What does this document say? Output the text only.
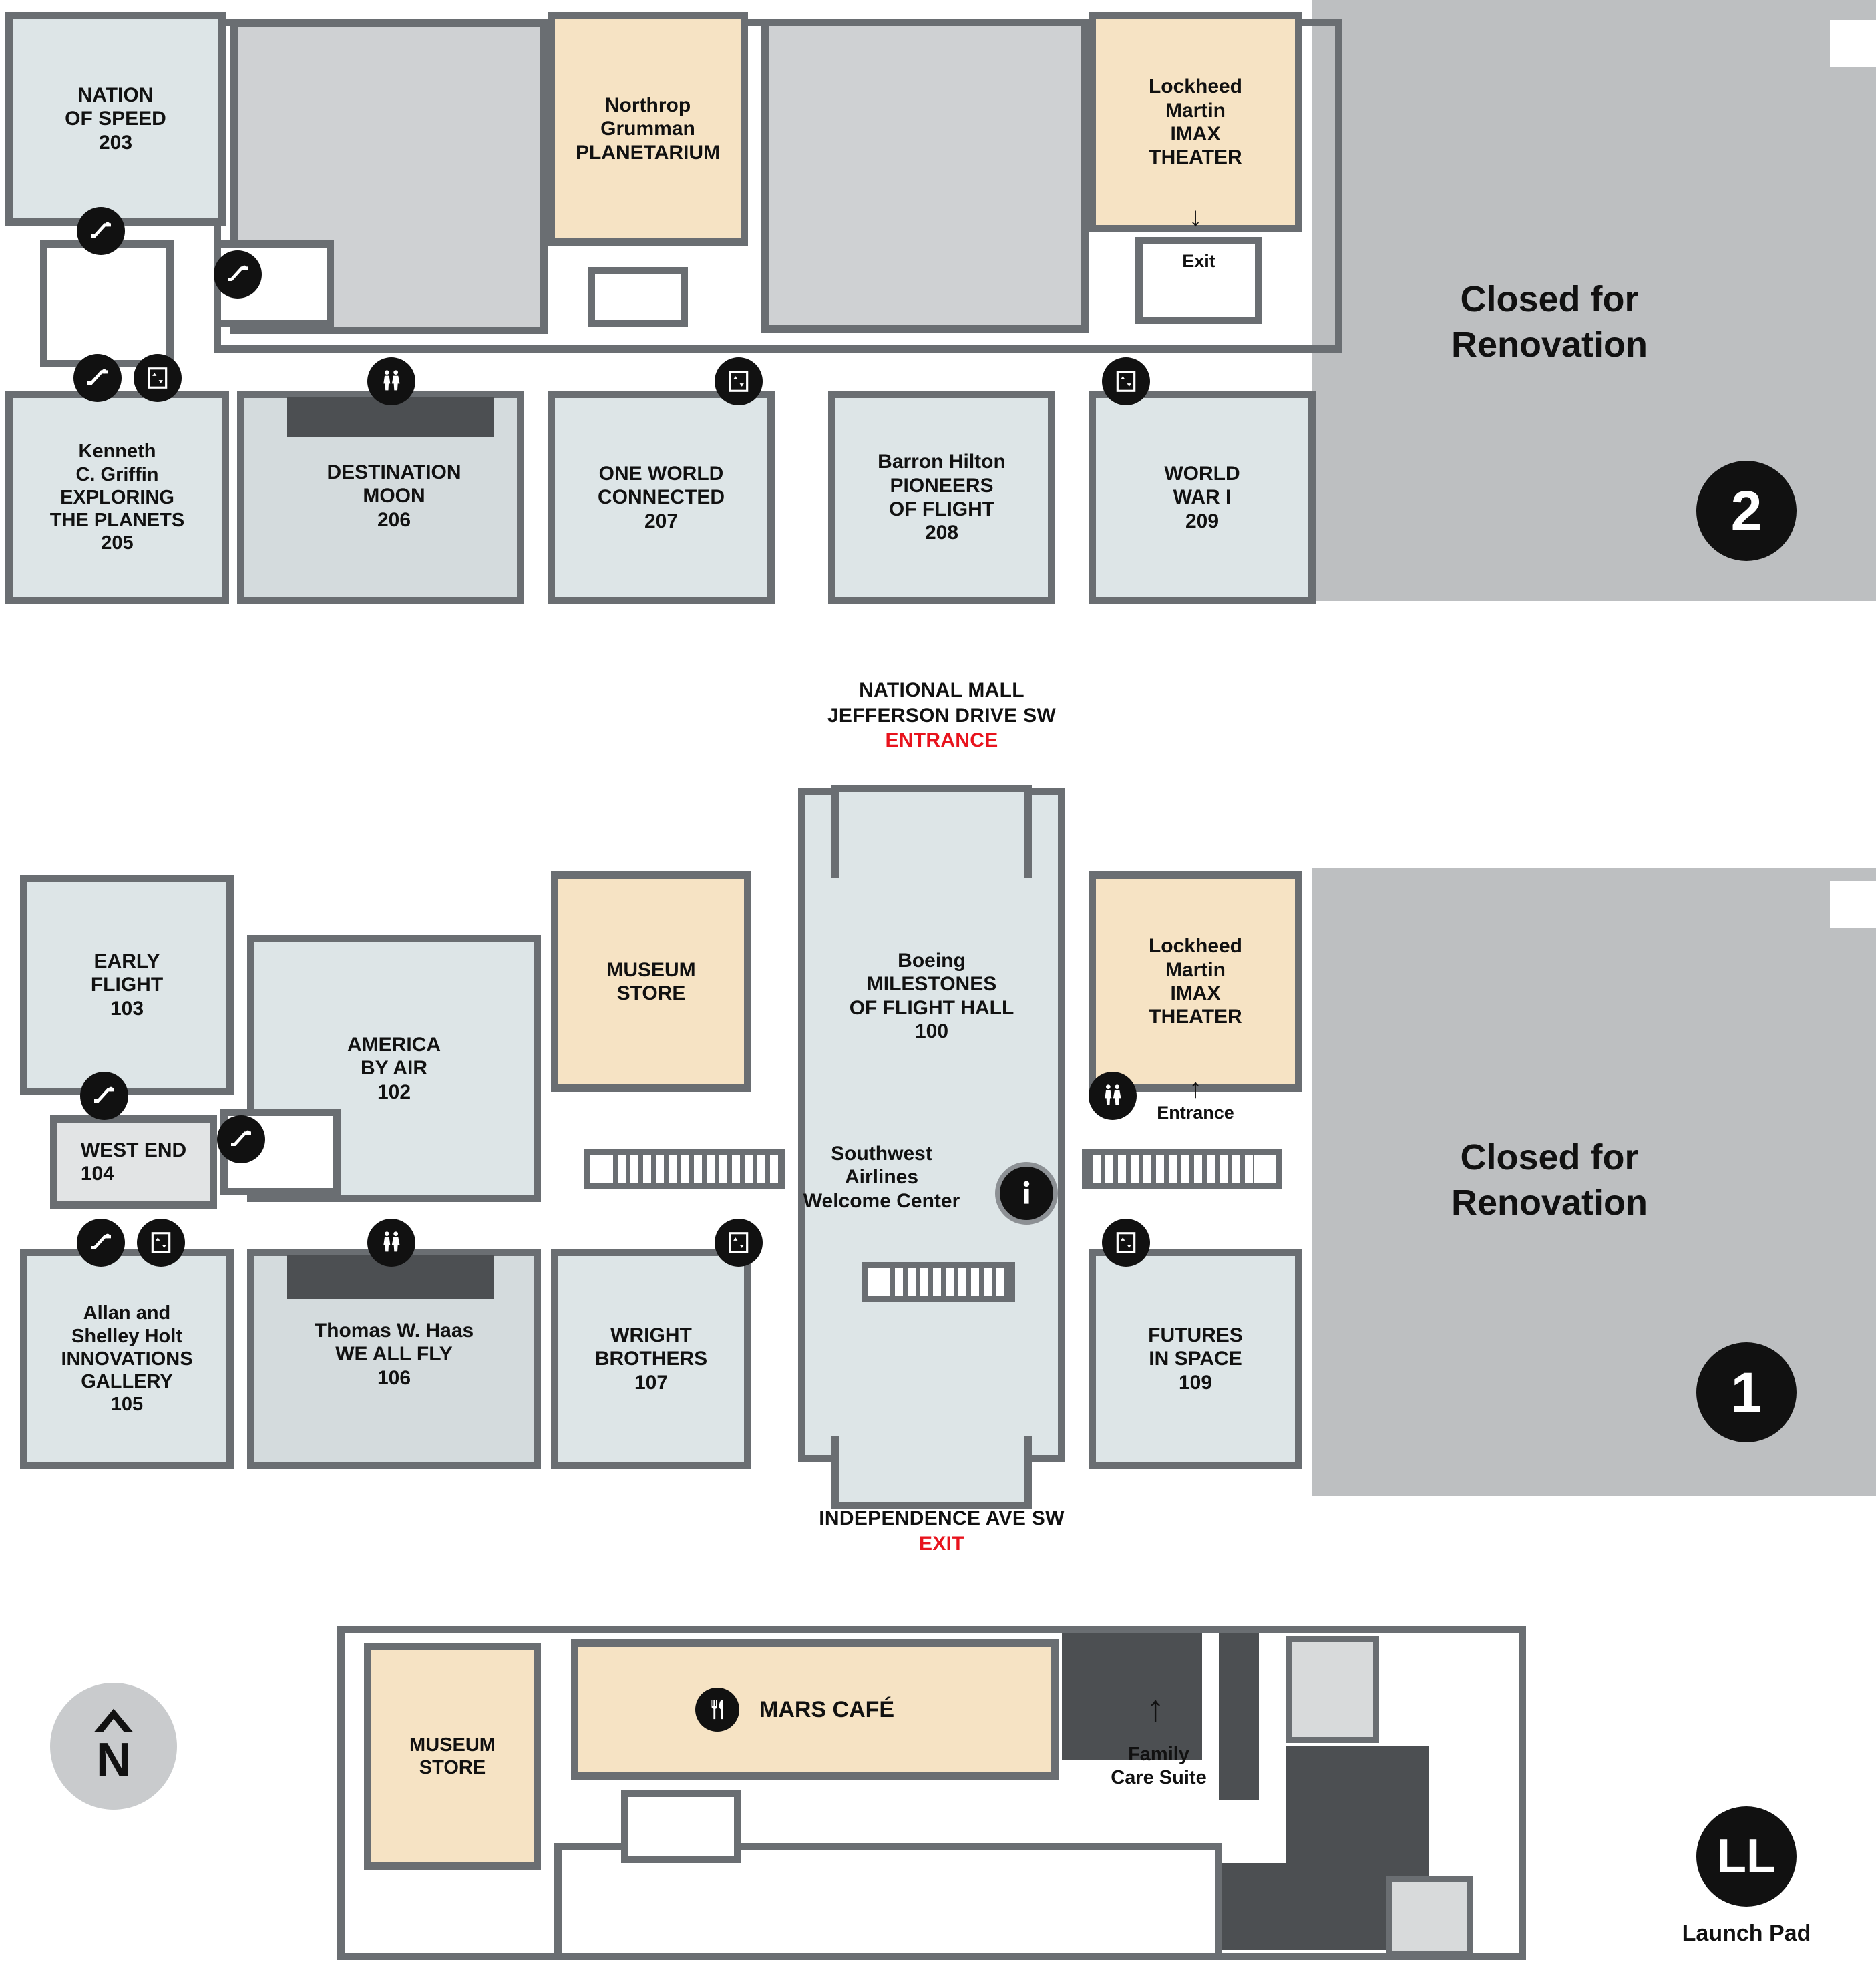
Closed for
Renovation
2
NATION
OF SPEED
203
Northrop
Grumman
PLANETARIUM
Lockheed
Martin
IMAX
THEATER
↓
Exit
Kenneth
C. Griffin
EXPLORING
THE PLANETS
205
DESTINATION
MOON
206
ONE WORLD
CONNECTED
207
Barron Hilton
PIONEERS
OF FLIGHT
208
WORLD
WAR I
209
NATIONAL MALL
JEFFERSON DRIVE SW
ENTRANCE
Closed for
Renovation
1
Boeing
MILESTONES
OF FLIGHT HALL
100
Southwest
Airlines
Welcome Center
EARLY
FLIGHT
103
AMERICA
BY AIR
102
MUSEUM
STORE
Lockheed
Martin
IMAX
THEATER
↑
Entrance
WEST END
104
Allan and
Shelley Holt
INNOVATIONS
GALLERY
105
Thomas W. Haas
WE ALL FLY
106
WRIGHT
BROTHERS
107
FUTURES
IN SPACE
109
INDEPENDENCE AVE SW
EXIT
MUSEUM
STORE
MARS CAFÉ	↑
Family
Care Suite
LL
Launch Pad
N
